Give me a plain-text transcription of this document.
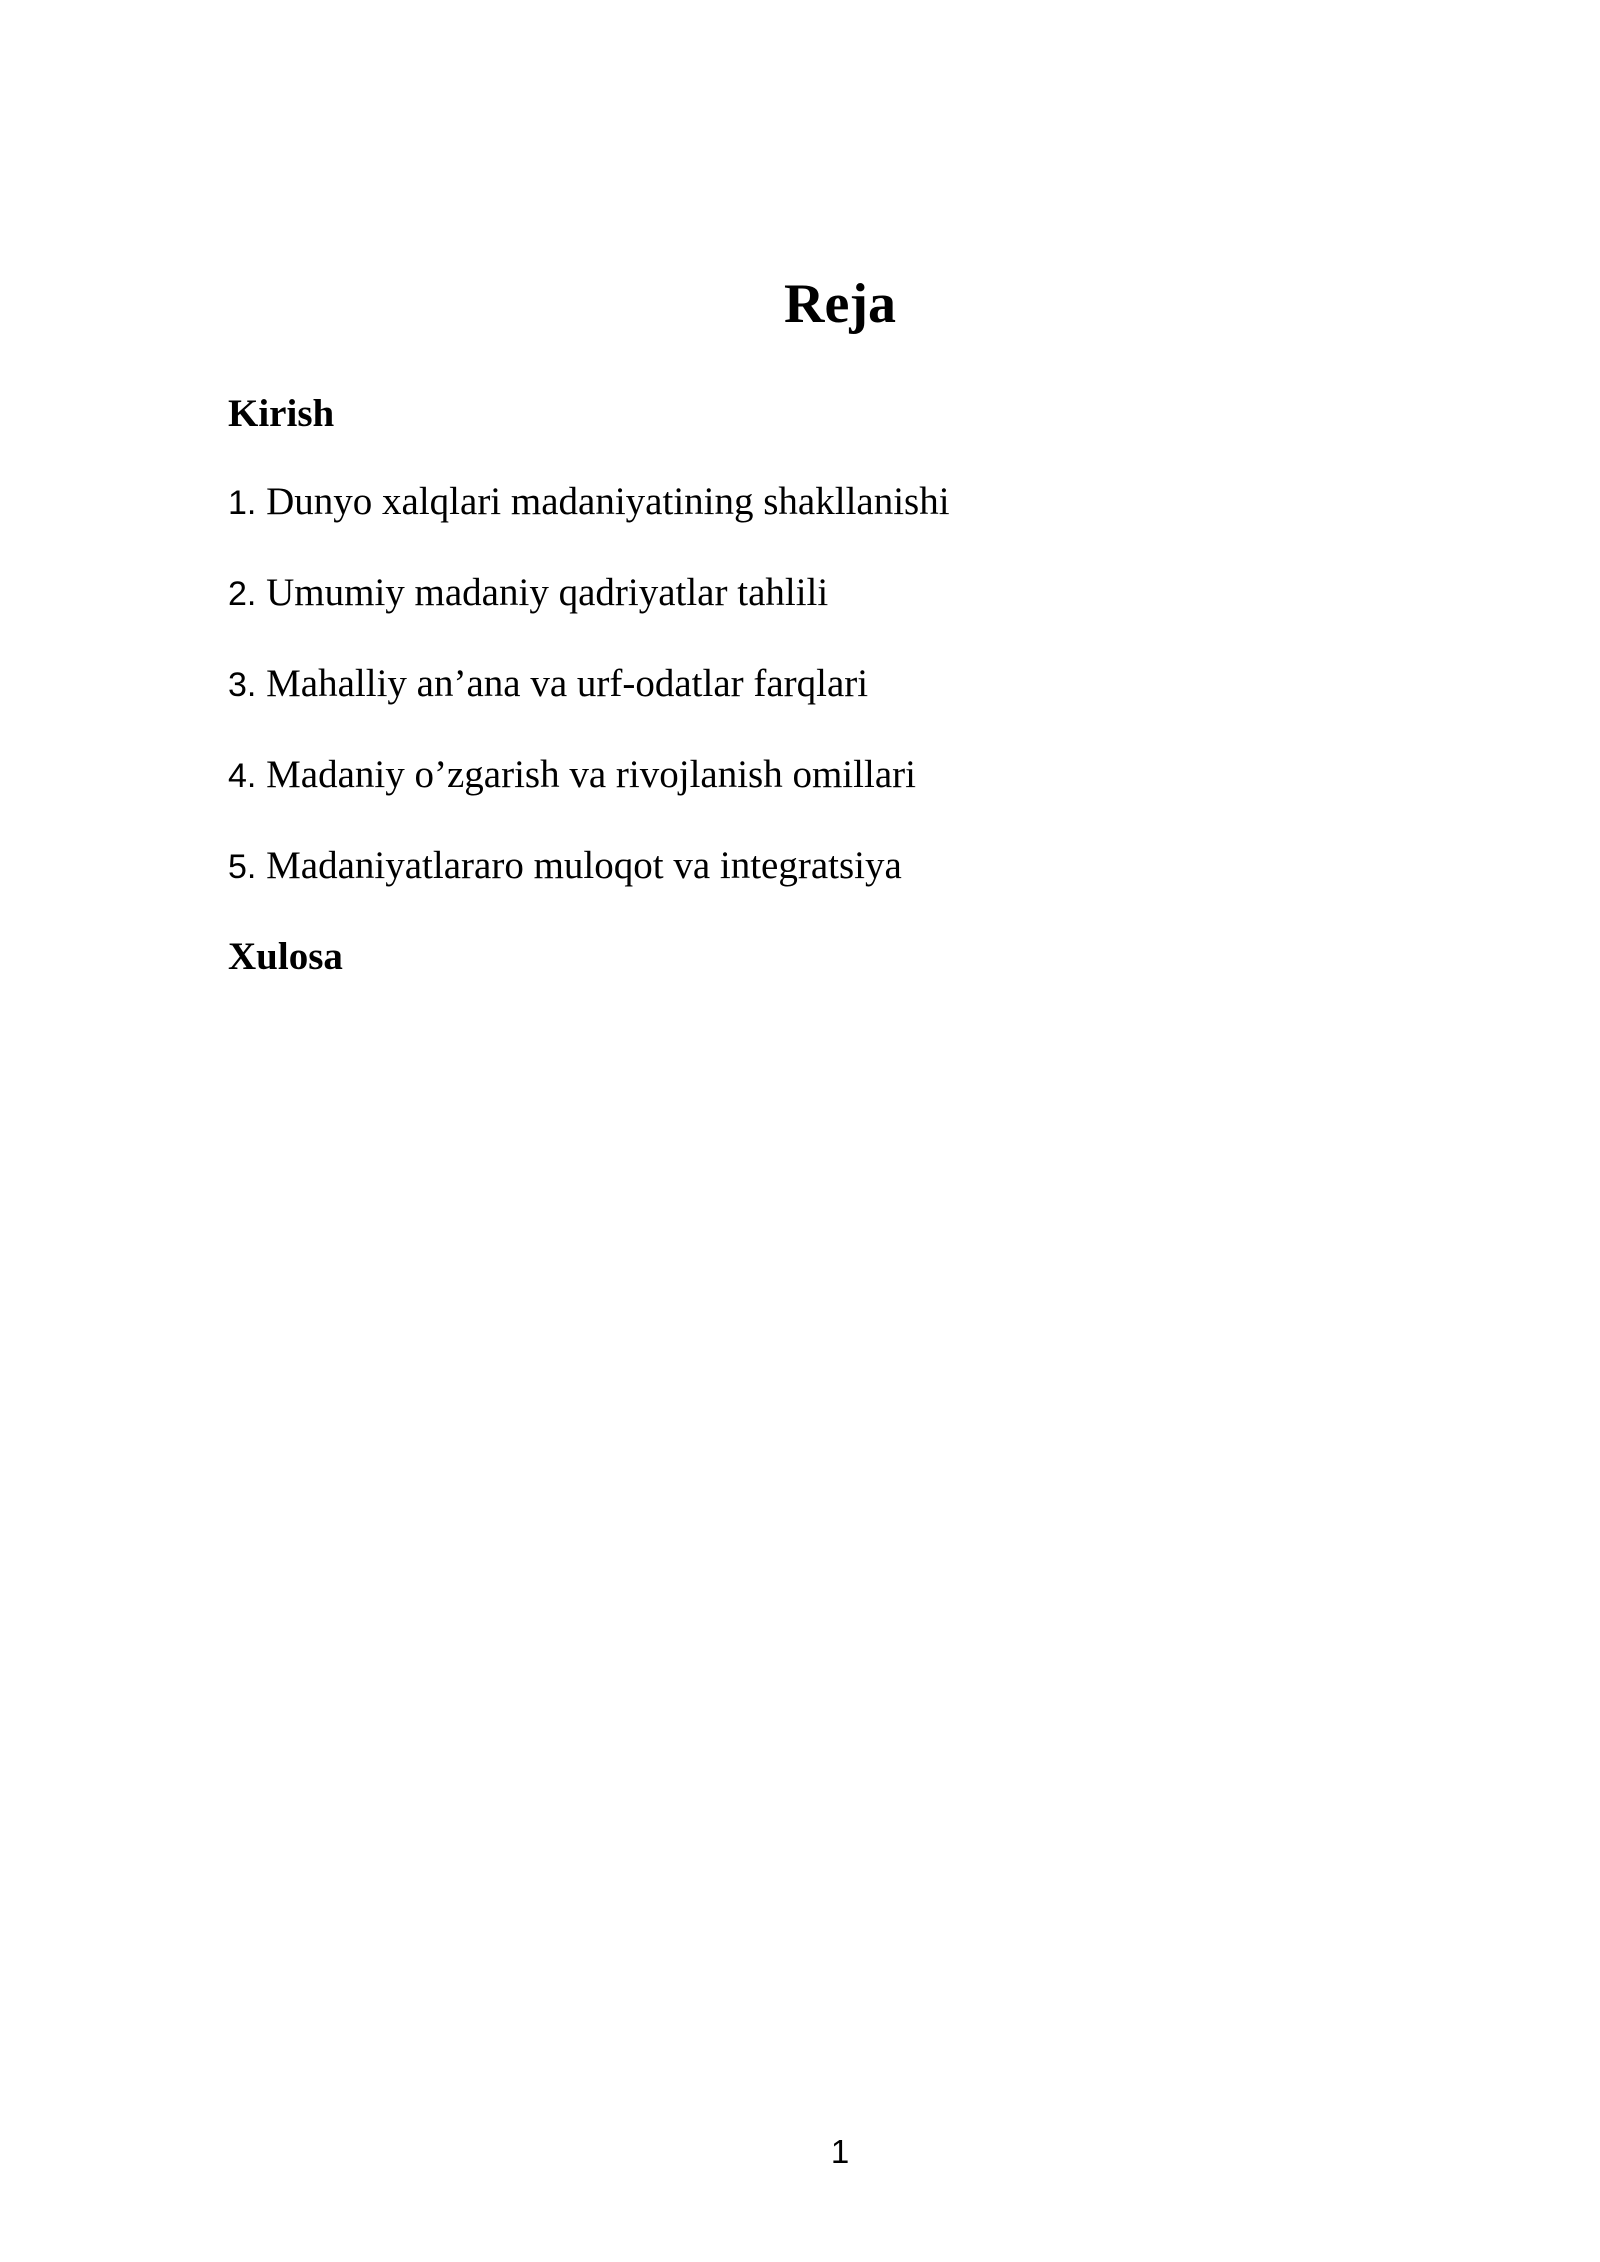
Reja
Kirish
1. Dunyo xalqlari madaniyatining shakllanishi
2. Umumiy madaniy qadriyatlar tahlili
3. Mahalliy an’ana va urf-odatlar farqlari
4. Madaniy o’zgarish va rivojlanish omillari
5. Madaniyatlararo muloqot va integratsiya
Xulosa
1
